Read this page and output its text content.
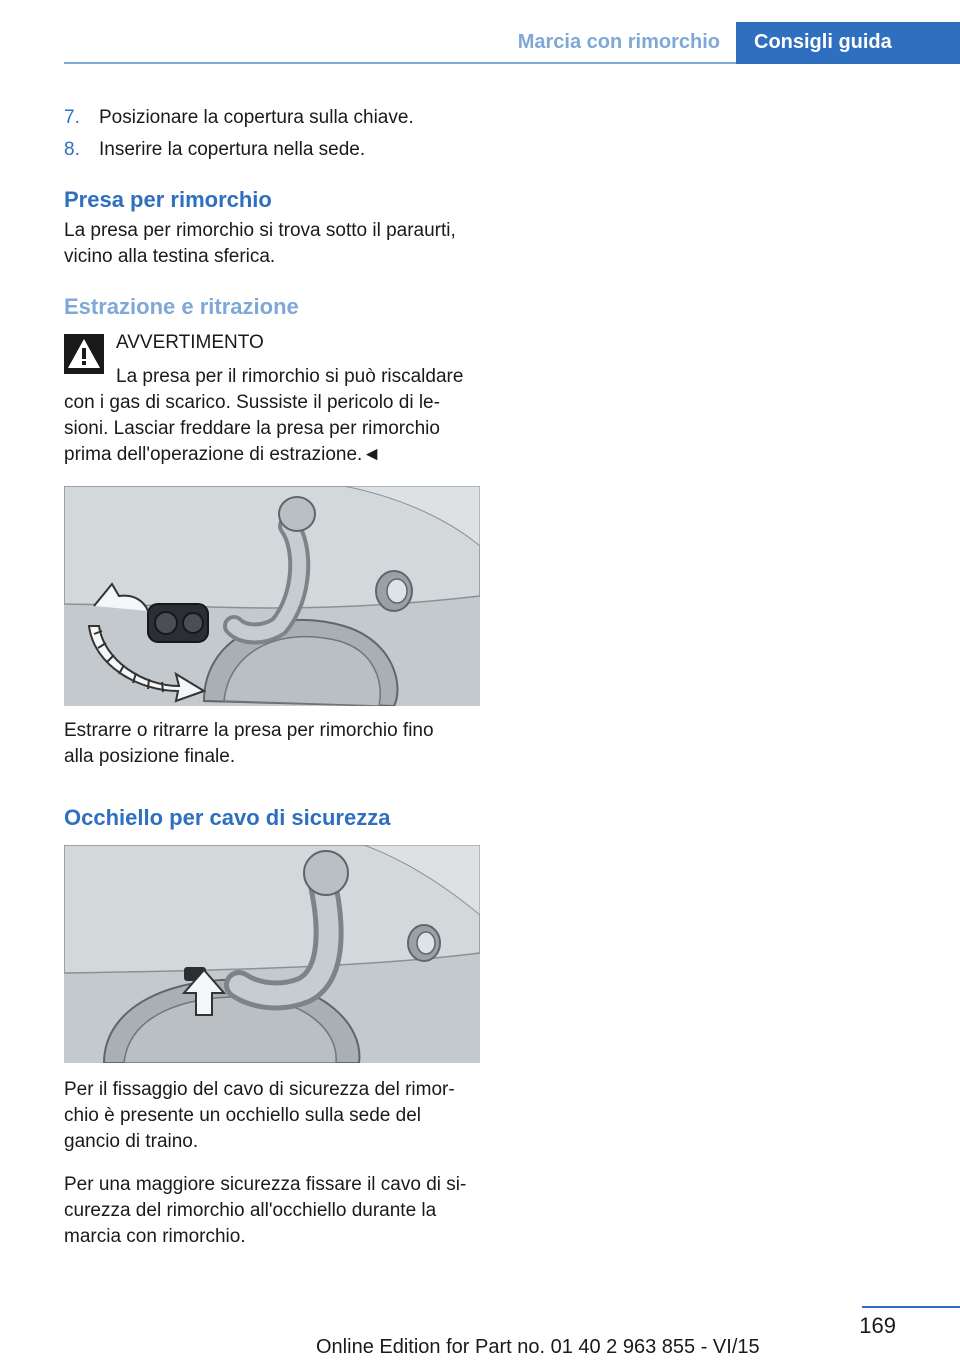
Marcia con rimorchio	Consigli guida
7. Posizionare la copertura sulla chiave.
8. Inserire la copertura nella sede.
Presa per rimorchio
La presa per rimorchio si trova sotto il paraurti,
vicino alla testina sferica.
Estrazione e ritrazione
AVVERTIMENTO
La presa per il rimorchio si può riscaldare
con i gas di scarico. Sussiste il pericolo di le-
sioni. Lasciar freddare la presa per rimorchio
prima dell'operazione di estrazione.◄
Estrarre o ritrarre la presa per rimorchio fino
alla posizione finale.
Occhiello per cavo di sicurezza
Per il fissaggio del cavo di sicurezza del rimor-
chio è presente un occhiello sulla sede del
gancio di traino.
Per una maggiore sicurezza fissare il cavo di si-
curezza del rimorchio all'occhiello durante la
marcia con rimorchio.
169
Online Edition for Part no. 01 40 2 963 855 - VI/15
